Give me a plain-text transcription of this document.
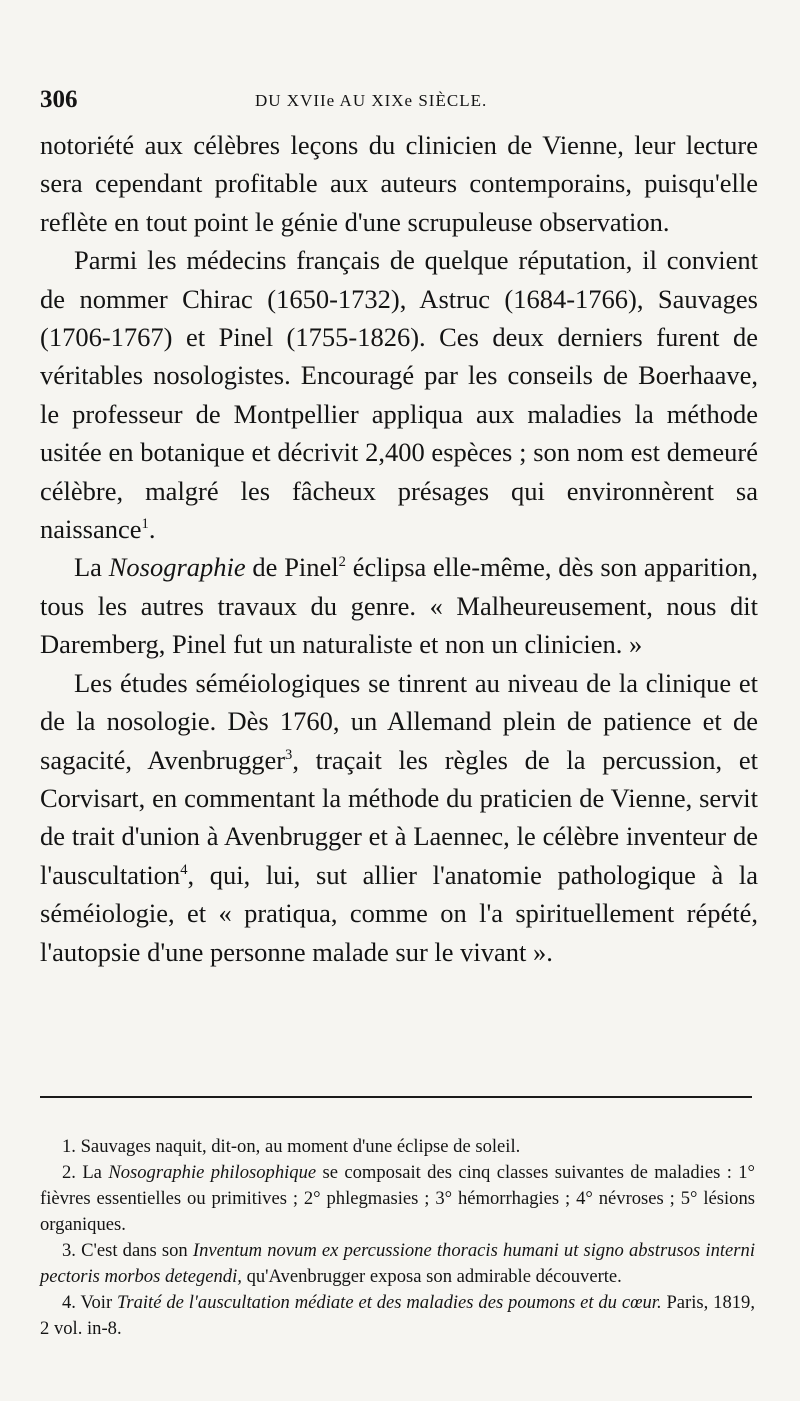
306	DU XVIIe AU XIXe SIÈCLE.

notoriété aux célèbres leçons du clinicien de Vienne, leur lecture sera cependant profitable aux auteurs contemporains, puisqu'elle reflète en tout point le génie d'une scrupuleuse observation.

Parmi les médecins français de quelque réputation, il convient de nommer Chirac (1650-1732), Astruc (1684-1766), Sauvages (1706-1767) et Pinel (1755-1826). Ces deux derniers furent de véritables nosologistes. Encouragé par les conseils de Boerhaave, le professeur de Montpellier appliqua aux maladies la méthode usitée en botanique et décrivit 2,400 espèces ; son nom est demeuré célèbre, malgré les fâcheux présages qui environnèrent sa naissance$^1$.

La Nosographie de Pinel$^2$ éclipsa elle-même, dès son apparition, tous les autres travaux du genre. « Malheureusement, nous dit Daremberg, Pinel fut un naturaliste et non un clinicien. »

Les études séméiologiques se tinrent au niveau de la clinique et de la nosologie. Dès 1760, un Allemand plein de patience et de sagacité, Avenbrugger$^3$, traçait les règles de la percussion, et Corvisart, en commentant la méthode du praticien de Vienne, servit de trait d'union à Avenbrugger et à Laennec, le célèbre inventeur de l'auscultation$^4$, qui, lui, sut allier l'anatomie pathologique à la séméiologie, et « pratiqua, comme on l'a spirituellement répété, l'autopsie d'une personne malade sur le vivant ».

1. Sauvages naquit, dit-on, au moment d'une éclipse de soleil.

2. La Nosographie philosophique se composait des cinq classes suivantes de maladies : 1° fièvres essentielles ou primitives ; 2° phlegmasies ; 3° hémorrhagies ; 4° névroses ; 5° lésions organiques.

3. C'est dans son Inventum novum ex percussione thoracis humani ut signo abstrusos interni pectoris morbos detegendi, qu'Avenbrugger exposa son admirable découverte.

4. Voir Traité de l'auscultation médiate et des maladies des poumons et du cœur. Paris, 1819, 2 vol. in-8.
